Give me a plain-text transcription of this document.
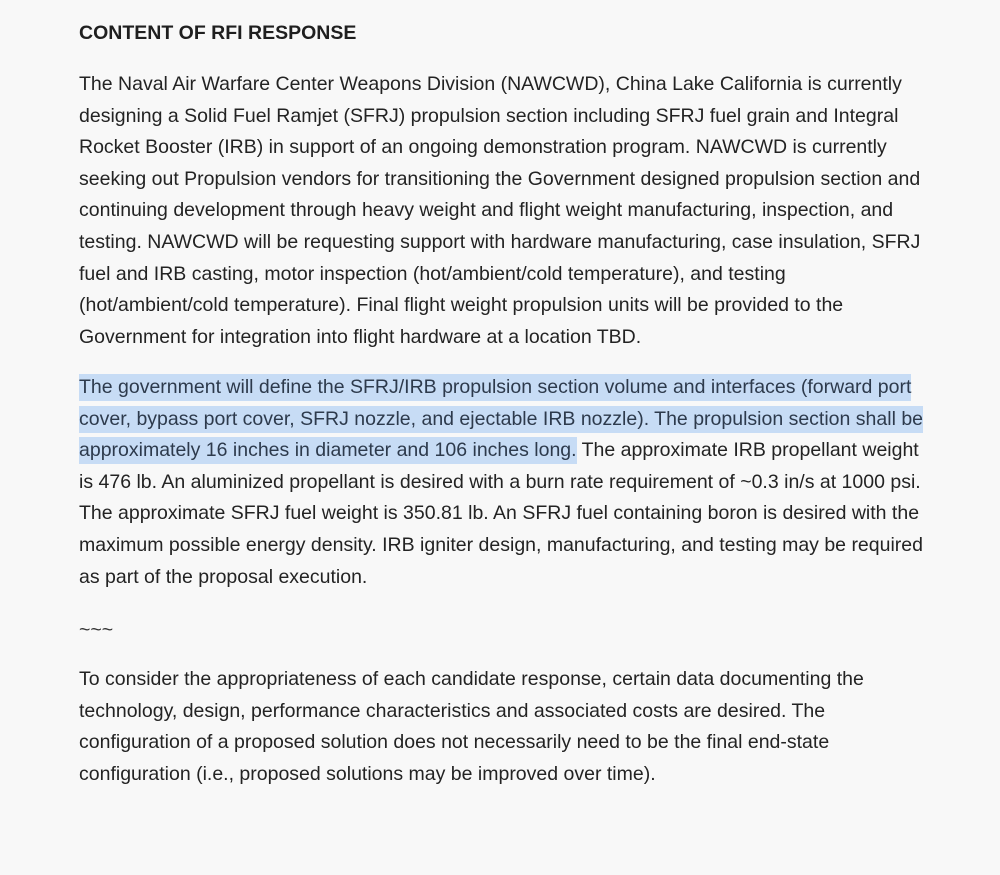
CONTENT OF RFI RESPONSE

The Naval Air Warfare Center Weapons Division (NAWCWD), China Lake California is currently designing a Solid Fuel Ramjet (SFRJ) propulsion section including SFRJ fuel grain and Integral Rocket Booster (IRB) in support of an ongoing demonstration program. NAWCWD is currently seeking out Propulsion vendors for transitioning the Government designed propulsion section and continuing development through heavy weight and flight weight manufacturing, inspection, and testing. NAWCWD will be requesting support with hardware manufacturing, case insulation, SFRJ fuel and IRB casting, motor inspection (hot/ambient/cold temperature), and testing (hot/ambient/cold temperature). Final flight weight propulsion units will be provided to the Government for integration into flight hardware at a location TBD.

The government will define the SFRJ/IRB propulsion section volume and interfaces (forward port cover, bypass port cover, SFRJ nozzle, and ejectable IRB nozzle). The propulsion section shall be approximately 16 inches in diameter and 106 inches long. The approximate IRB propellant weight is 476 lb. An aluminized propellant is desired with a burn rate requirement of ~0.3 in/s at 1000 psi. The approximate SFRJ fuel weight is 350.81 lb. An SFRJ fuel containing boron is desired with the maximum possible energy density. IRB igniter design, manufacturing, and testing may be required as part of the proposal execution.

~~~

To consider the appropriateness of each candidate response, certain data documenting the technology, design, performance characteristics and associated costs are desired. The configuration of a proposed solution does not necessarily need to be the final end-state configuration (i.e., proposed solutions may be improved over time).
